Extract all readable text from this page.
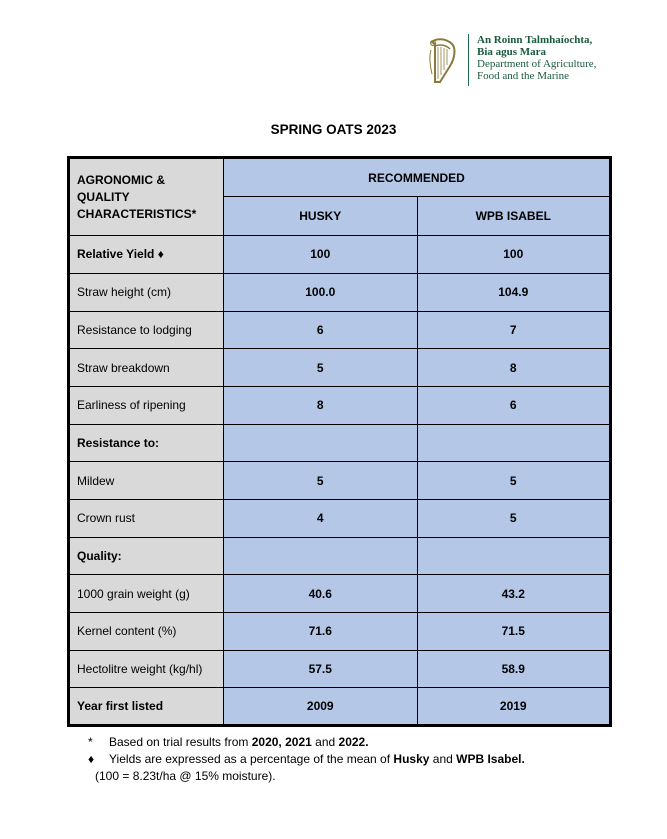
An Roinn Talmhaíochta,
Bia agus Mara
Department of Agriculture,
Food and the Marine
SPRING OATS 2023
AGRONOMIC & QUALITY CHARACTERISTICS*	RECOMMENDED	
	HUSKY	WPB ISABEL
Relative Yield ♦	100	100
Straw height (cm)	100.0	104.9
Resistance to lodging	6	7
Straw breakdown	5	8
Earliness of ripening	8	6
Resistance to:		
Mildew	5	5
Crown rust	4	5
Quality:		
1000 grain weight (g)	40.6	43.2
Kernel content (%)	71.6	71.5
Hectolitre weight (kg/hl)	57.5	58.9
Year first listed	2009	2019
* Based on trial results from 2020, 2021 and 2022.
♦ Yields are expressed as a percentage of the mean of Husky and WPB Isabel.
(100 = 8.23t/ha @ 15% moisture).
